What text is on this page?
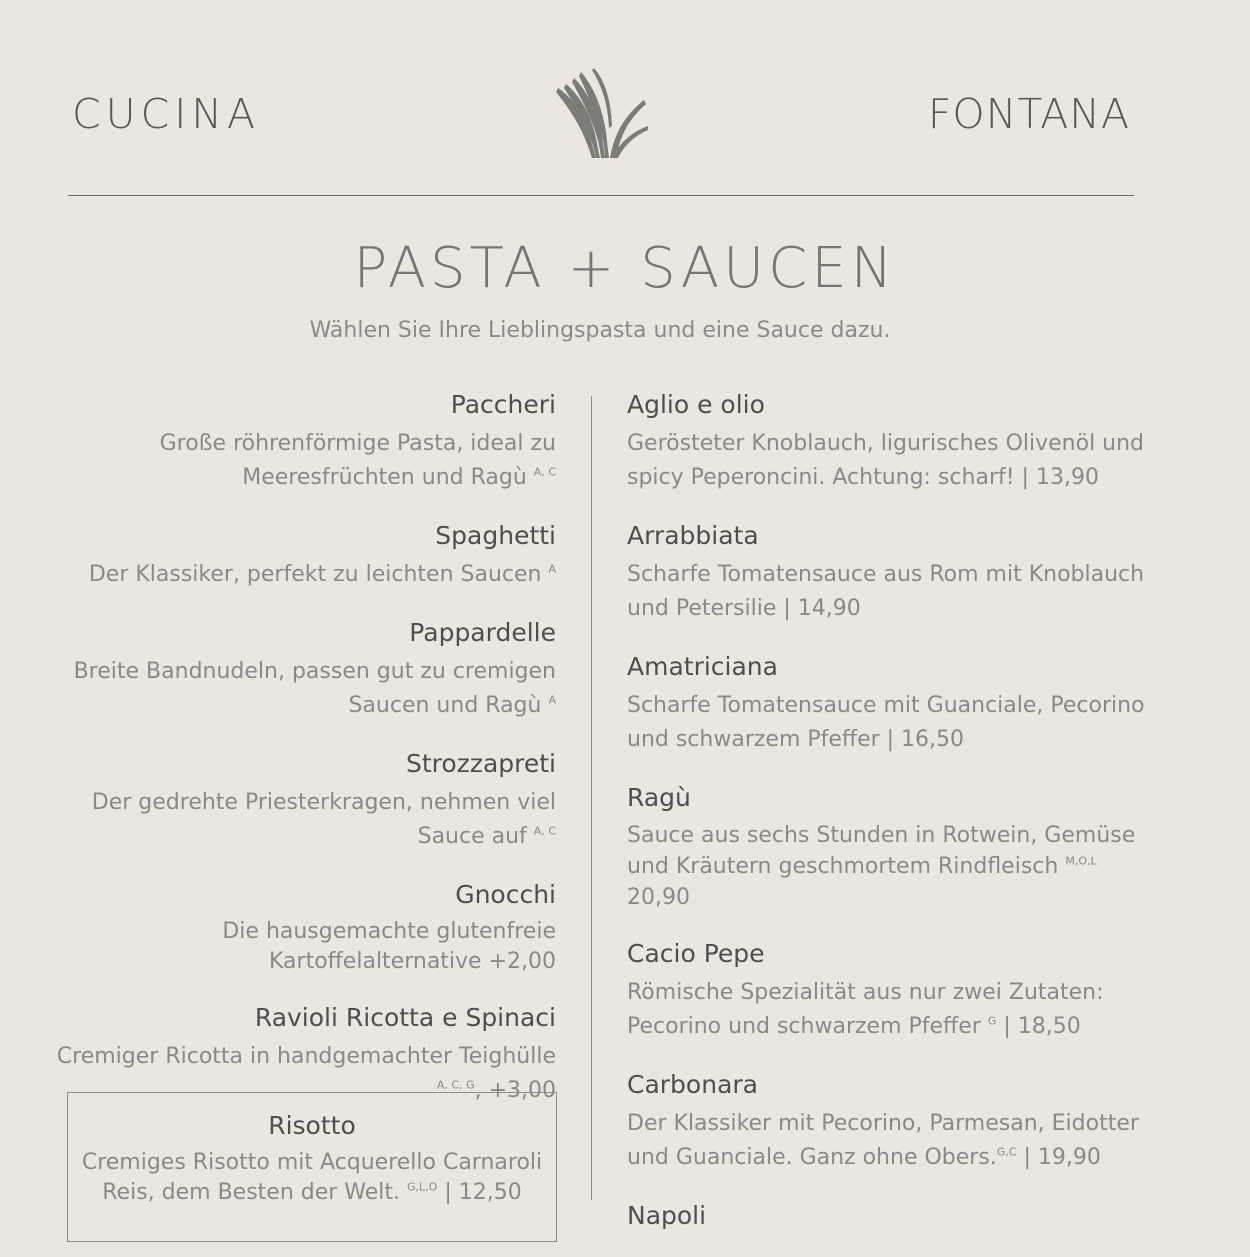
CUCINA	FONTANA
PASTA + SAUCEN
Wählen Sie Ihre Lieblingspasta und eine Sauce dazu.
Paccheri
Große röhrenförmige Pasta, ideal zu
Meeresfrüchten und Ragù $^{A, C}$
Spaghetti
Der Klassiker, perfekt zu leichten Saucen $^A$
Pappardelle
Breite Bandnudeln, passen gut zu cremigen
Saucen und Ragù $^A$
Strozzapreti
Der gedrehte Priesterkragen, nehmen viel
Sauce auf $^{A, C}$
Gnocchi
Die hausgemachte glutenfreie
Kartoffelalternative +2,00
Ravioli Ricotta e Spinaci
Cremiger Ricotta in handgemachter Teighülle
$^{A, C, G}$, +3,00
Risotto
Cremiges Risotto mit Acquerello Carnaroli
Reis, dem Besten der Welt. $^{G,L,O}$ | 12,50
Aglio e olio
Gerösteter Knoblauch, ligurisches Olivenöl und
spicy Peperoncini. Achtung: scharf! | 13,90
Arrabbiata
Scharfe Tomatensauce aus Rom mit Knoblauch
und Petersilie | 14,90
Amatriciana
Scharfe Tomatensauce mit Guanciale, Pecorino
und schwarzem Pfeffer | 16,50
Ragù
Sauce aus sechs Stunden in Rotwein, Gemüse
und Kräutern geschmortem Rindfleisch $^{M,O,L}$
20,90
Cacio Pepe
Römische Spezialität aus nur zwei Zutaten:
Pecorino und schwarzem Pfeffer $^G$ | 18,50
Carbonara
Der Klassiker mit Pecorino, Parmesan, Eidotter
und Guanciale. Ganz ohne Obers.$^{G,C}$ | 19,90
Napoli
